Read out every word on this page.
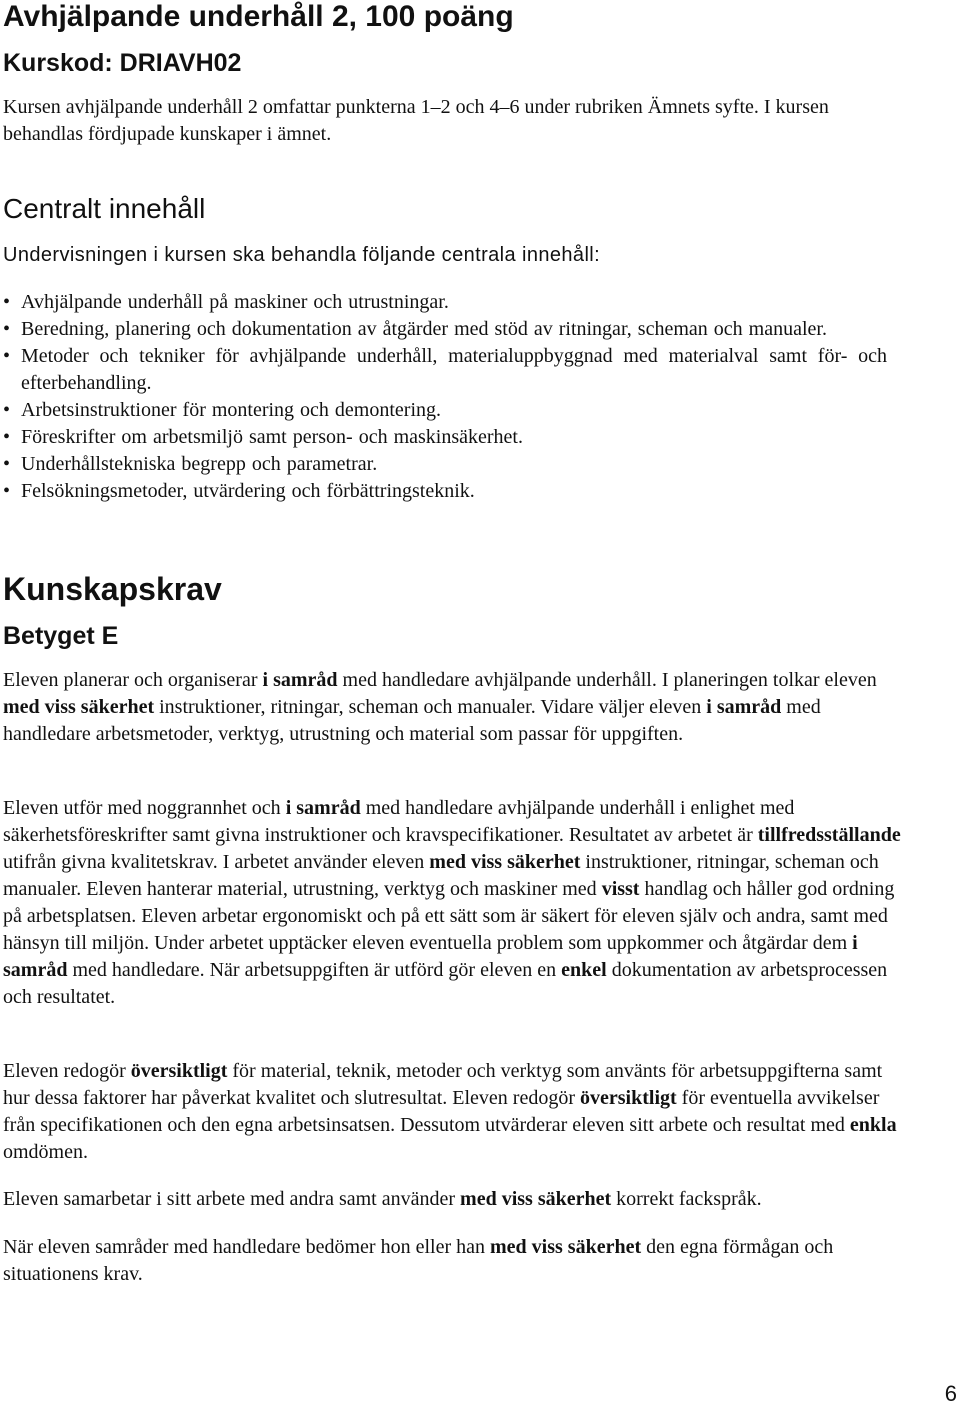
Avhjälpande underhåll 2, 100 poäng
Kurskod: DRIAVH02

Kursen avhjälpande underhåll 2 omfattar punkterna 1–2 och 4–6 under rubriken Ämnets syfte. I kursen behandlas fördjupade kunskaper i ämnet.

Centralt innehåll

Undervisningen i kursen ska behandla följande centrala innehåll:

• Avhjälpande underhåll på maskiner och utrustningar.
• Beredning, planering och dokumentation av åtgärder med stöd av ritningar, scheman och manualer.
• Metoder och tekniker för avhjälpande underhåll, materialuppbyggnad med materialval samt för- och efterbehandling.
• Arbetsinstruktioner för montering och demontering.
• Föreskrifter om arbetsmiljö samt person- och maskinsäkerhet.
• Underhållstekniska begrepp och parametrar.
• Felsökningsmetoder, utvärdering och förbättringsteknik.
Kunskapskrav
Betyget E

Eleven planerar och organiserar i samråd med handledare avhjälpande underhåll. I planeringen tolkar eleven med viss säkerhet instruktioner, ritningar, scheman och manualer. Vidare väljer eleven i samråd med handledare arbetsmetoder, verktyg, utrustning och material som passar för uppgiften.

Eleven utför med noggrannhet och i samråd med handledare avhjälpande underhåll i enlighet med säkerhetsföreskrifter samt givna instruktioner och kravspecifikationer. Resultatet av arbetet är tillfredsställande utifrån givna kvalitetskrav. I arbetet använder eleven med viss säkerhet instruktioner, ritningar, scheman och manualer. Eleven hanterar material, utrustning, verktyg och maskiner med visst handlag och håller god ordning på arbetsplatsen. Eleven arbetar ergonomiskt och på ett sätt som är säkert för eleven själv och andra, samt med hänsyn till miljön. Under arbetet upptäcker eleven eventuella problem som uppkommer och åtgärdar dem i samråd med handledare. När arbetsuppgiften är utförd gör eleven en enkel dokumentation av arbetsprocessen och resultatet.

Eleven redogör översiktligt för material, teknik, metoder och verktyg som använts för arbetsuppgifterna samt hur dessa faktorer har påverkat kvalitet och slutresultat. Eleven redogör översiktligt för eventuella avvikelser från specifikationen och den egna arbetsinsatsen. Dessutom utvärderar eleven sitt arbete och resultat med enkla omdömen.

Eleven samarbetar i sitt arbete med andra samt använder med viss säkerhet korrekt fackspråk.

När eleven samråder med handledare bedömer hon eller han med viss säkerhet den egna förmågan och situationens krav.

6
